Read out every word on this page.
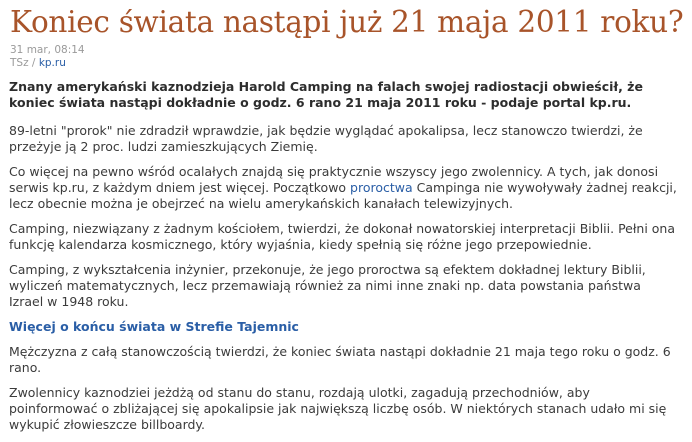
Koniec świata nastąpi już 21 maja 2011 roku?
31 mar, 08:14
TSz / kp.ru

Znany amerykański kaznodzieja Harold Camping na falach swojej radiostacji obwieścił, że koniec świata nastąpi dokładnie o godz. 6 rano 21 maja 2011 roku - podaje portal kp.ru.

89-letni "prorok" nie zdradził wprawdzie, jak będzie wyglądać apokalipsa, lecz stanowczo twierdzi, że przeżyje ją 2 proc. ludzi zamieszkujących Ziemię.

Co więcej na pewno wśród ocalałych znajdą się praktycznie wszyscy jego zwolennicy. A tych, jak donosi serwis kp.ru, z każdym dniem jest więcej. Początkowo proroctwa Campinga nie wywoływały żadnej reakcji, lecz obecnie można je obejrzeć na wielu amerykańskich kanałach telewizyjnych.

Camping, niezwiązany z żadnym kościołem, twierdzi, że dokonał nowatorskiej interpretacji Biblii. Pełni ona funkcję kalendarza kosmicznego, który wyjaśnia, kiedy spełnią się różne jego przepowiednie.

Camping, z wykształcenia inżynier, przekonuje, że jego proroctwa są efektem dokładnej lektury Biblii, wyliczeń matematycznych, lecz przemawiają również za nimi inne znaki np. data powstania państwa Izrael w 1948 roku.

Więcej o końcu świata w Strefie Tajemnic

Mężczyzna z całą stanowczością twierdzi, że koniec świata nastąpi dokładnie 21 maja tego roku o godz. 6 rano.

Zwolennicy kaznodziei jeżdżą od stanu do stanu, rozdają ulotki, zagadują przechodniów, aby poinformować o zbliżającej się apokalipsie jak największą liczbę osób. W niektórych stanach udało mi się wykupić złowieszcze billboardy.
